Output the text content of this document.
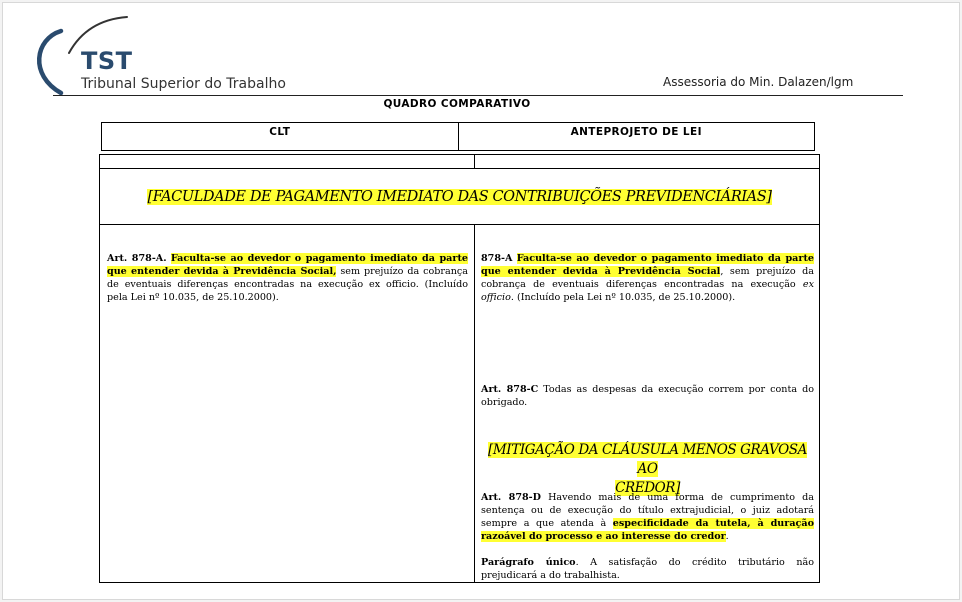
TST
Tribunal Superior do Trabalho	Assessoria do Min. Dalazen/lgm
QUADRO COMPARATIVO
CLT	ANTEPROJETO DE LEI
[FACULDADE DE PAGAMENTO IMEDIATO DAS CONTRIBUIÇÕES PREVIDENCIÁRIAS]

Art. 878-A. Faculta-se ao devedor o pagamento imediato da parte que entender devida à Previdência Social, sem prejuízo da cobrança de eventuais diferenças encontradas na execução ex officio. (Incluído pela Lei nº 10.035, de 25.10.2000).

878-A Faculta-se ao devedor o pagamento imediato da parte que entender devida à Previdência Social, sem prejuízo da cobrança de eventuais diferenças encontradas na execução ex officio. (Incluído pela Lei nº 10.035, de 25.10.2000).

Art. 878-C Todas as despesas da execução correm por conta do obrigado.

[MITIGAÇÃO DA CLÁUSULA MENOS GRAVOSA AO
CREDOR]

Art. 878-D Havendo mais de uma forma de cumprimento da sentença ou de execução do título extrajudicial, o juiz adotará sempre a que atenda à especificidade da tutela, à duração razoável do processo e ao interesse do credor.

Parágrafo único. A satisfação do crédito tributário não prejudicará a do trabalhista.
